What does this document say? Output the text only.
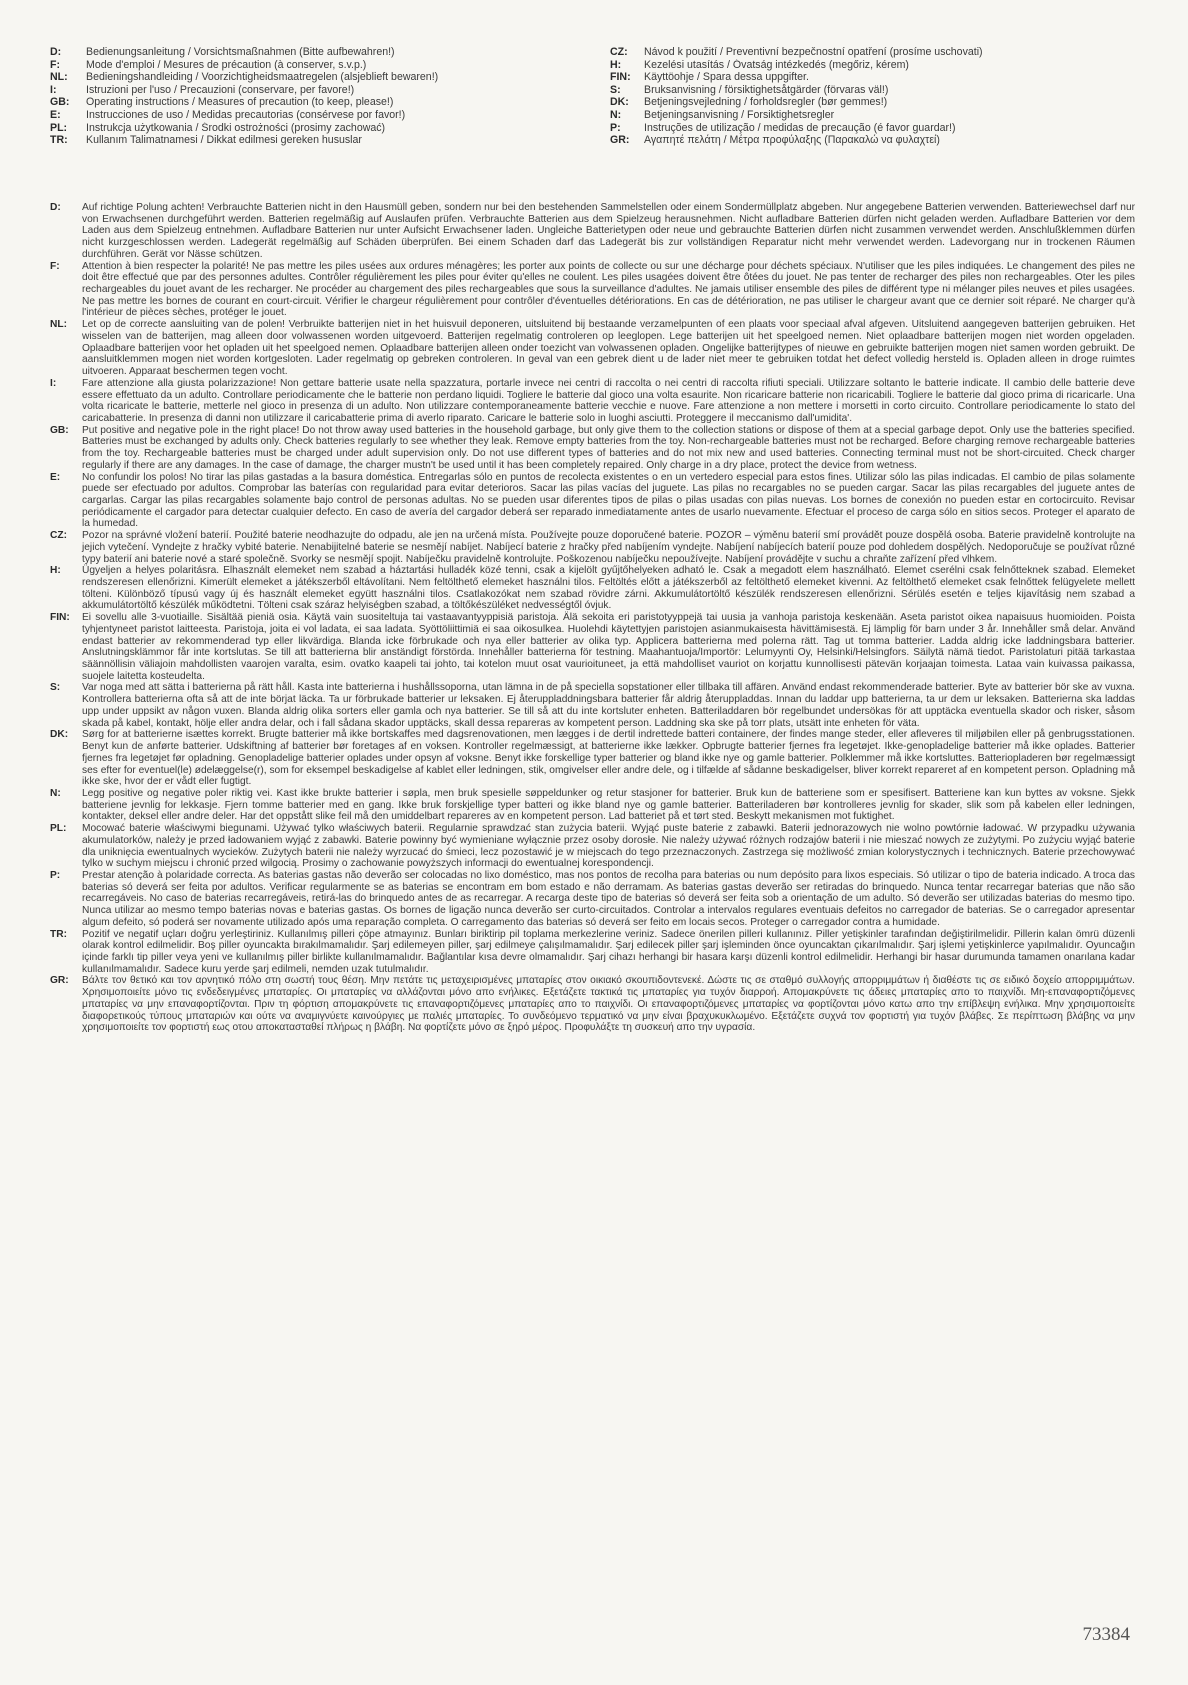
D:	Bedienungsanleitung / Vorsichtsmaßnahmen (Bitte aufbewahren!)
F:	Mode d'emploi / Mesures de précaution (à conserver, s.v.p.)
NL:	Bedieningshandleiding / Voorzichtigheidsmaatregelen (alsjeblieft bewaren!)
I:	Istruzioni per l'uso / Precauzioni (conservare, per favore!)
GB:	Operating instructions / Measures of precaution (to keep, please!)
E:	Instrucciones de uso / Medidas precautorias (consérvese por favor!)
PL:	Instrukcja użytkowania / Środki ostrożności (prosimy zachować)
TR:	Kullanım Talimatnamesi / Dikkat edilmesi gereken hususlar
CZ:	Návod k použití / Preventivní bezpečnostní opatření (prosíme uschovati)
H:	Kezelési utasítás / Óvatság intézkedés (megőriz, kérem)
FIN:	Käyttöohje / Spara dessa uppgifter.
S:	Bruksanvisning / försiktighetsåtgärder (förvaras väl!)
DK:	Betjeningsvejledning / forholdsregler (bør gemmes!)
N:	Betjeningsanvisning / Forsiktighetsregler
P:	Instruções de utilização / medidas de precaução (é favor guardar!)
GR:	Αγαπητέ πελάτη / Μέτρα προφύλαξης (Παρακαλώ να φυλαχτεί)
D:	Auf richtige Polung achten! Verbrauchte Batterien nicht in den Hausmüll geben, sondern nur bei den bestehenden Sammelstellen oder einem Sondermüllplatz abgeben. Nur angegebene Batterien verwenden. Batteriewechsel darf nur von Erwachsenen durchgeführt werden. Batterien regelmäßig auf Auslaufen prüfen. Verbrauchte Batterien aus dem Spielzeug herausnehmen. Nicht aufladbare Batterien dürfen nicht geladen werden. Aufladbare Batterien vor dem Laden aus dem Spielzeug entnehmen. Aufladbare Batterien nur unter Aufsicht Erwachsener laden. Ungleiche Batterietypen oder neue und gebrauchte Batterien dürfen nicht zusammen verwendet werden. Anschlußklemmen dürfen nicht kurzgeschlossen werden. Ladegerät regelmäßig auf Schäden überprüfen. Bei einem Schaden darf das Ladegerät bis zur vollständigen Reparatur nicht mehr verwendet werden. Ladevorgang nur in trockenen Räumen durchführen. Gerät vor Nässe schützen.
F:	Attention à bien respecter la polarité! Ne pas mettre les piles usées aux ordures ménagères; les porter aux points de collecte ou sur une décharge pour déchets spéciaux. N'utiliser que les piles indiquées. Le changement des piles ne doit être effectué que par des personnes adultes. Contrôler régulièrement les piles pour éviter qu'elles ne coulent. Les piles usagées doivent être ôtées du jouet. Ne pas tenter de recharger des piles non rechargeables. Oter les piles rechargeables du jouet avant de les recharger. Ne procéder au chargement des piles rechargeables que sous la surveillance d'adultes. Ne jamais utiliser ensemble des piles de différent type ni mélanger piles neuves et piles usagées. Ne pas mettre les bornes de courant en court-circuit. Vérifier le chargeur régulièrement pour contrôler d'éventuelles détériorations. En cas de détérioration, ne pas utiliser le chargeur avant que ce dernier soit réparé. Ne charger qu'à l'intérieur de pièces sèches, protéger le jouet.
NL:	Let op de correcte aansluiting van de polen! Verbruikte batterijen niet in het huisvuil deponeren, uitsluitend bij bestaande verzamelpunten of een plaats voor speciaal afval afgeven. Uitsluitend aangegeven batterijen gebruiken. Het wisselen van de batterijen, mag alleen door volwassenen worden uitgevoerd. Batterijen regelmatig controleren op leeglopen. Lege batterijen uit het speelgoed nemen. Niet oplaadbare batterijen mogen niet worden opgeladen. Oplaadbare batterijen voor het opladen uit het speelgoed nemen. Oplaadbare batterijen alleen onder toezicht van volwassenen opladen. Ongelijke batterijtypes of nieuwe en gebruikte batterijen mogen niet samen worden gebruikt. De aansluitklemmen mogen niet worden kortgesloten. Lader regelmatig op gebreken controleren. In geval van een gebrek dient u de lader niet meer te gebruiken totdat het defect volledig hersteld is. Opladen alleen in droge ruimtes uitvoeren. Apparaat beschermen tegen vocht.
I:	Fare attenzione alla giusta polarizzazione! Non gettare batterie usate nella spazzatura, portarle invece nei centri di raccolta o nei centri di raccolta rifiuti speciali. Utilizzare soltanto le batterie indicate. Il cambio delle batterie deve essere effettuato da un adulto. Controllare periodicamente che le batterie non perdano liquidi. Togliere le batterie dal gioco una volta esaurite. Non ricaricare batterie non ricaricabili. Togliere le batterie dal gioco prima di ricaricarle. Una volta ricaricate le batterie, metterle nel gioco in presenza di un adulto. Non utilizzare contemporaneamente batterie vecchie e nuove. Fare attenzione a non mettere i morsetti in corto circuito. Controllare periodicamente lo stato del caricabatterie. In presenza di danni non utilizzare il caricabatterie prima di averlo riparato. Caricare le batterie solo in luoghi asciutti. Proteggere il meccanismo dall'umidita'.
GB:	Put positive and negative pole in the right place! Do not throw away used batteries in the household garbage, but only give them to the collection stations or dispose of them at a special garbage depot. Only use the batteries specified. Batteries must be exchanged by adults only. Check batteries regularly to see whether they leak. Remove empty batteries from the toy. Non-rechargeable batteries must not be recharged. Before charging remove rechargeable batteries from the toy. Rechargeable batteries must be charged under adult supervision only. Do not use different types of batteries and do not mix new and used batteries. Connecting terminal must not be short-circuited. Check charger regularly if there are any damages. In the case of damage, the charger mustn't be used until it has been completely repaired. Only charge in a dry place, protect the device from wetness.
E:	No confundir los polos! No tirar las pilas gastadas a la basura doméstica. Entregarlas sólo en puntos de recolecta existentes o en un vertedero especial para estos fines. Utilizar sólo las pilas indicadas. El cambio de pilas solamente puede ser efectuado por adultos. Comprobar las baterías con regularidad para evitar deterioros. Sacar las pilas vacías del juguete. Las pilas no recargables no se pueden cargar. Sacar las pilas recargables del juguete antes de cargarlas. Cargar las pilas recargables solamente bajo control de personas adultas. No se pueden usar diferentes tipos de pilas o pilas usadas con pilas nuevas. Los bornes de conexión no pueden estar en cortocircuito. Revisar periódicamente el cargador para detectar cualquier defecto. En caso de avería del cargador deberá ser reparado inmediatamente antes de usarlo nuevamente. Efectuar el proceso de carga sólo en sitios secos. Proteger el aparato de la humedad.
CZ:	Pozor na správné vložení baterií. Použité baterie neodhazujte do odpadu, ale jen na určená místa. Používejte pouze doporučené baterie. POZOR – výměnu baterií smí provádět pouze dospělá osoba. Baterie pravidelně kontrolujte na jejich vytečení. Vyndejte z hračky vybité baterie. Nenabijitelné baterie se nesmějí nabíjet. Nabíjecí baterie z hračky před nabíjením vyndejte. Nabíjení nabíjecích baterií pouze pod dohledem dospělých. Nedoporučuje se používat různé typy baterií ani baterie nové a staré společně. Svorky se nesmějí spojit. Nabíječku pravidelně kontrolujte. Poškozenou nabíječku nepoužívejte. Nabíjení provádějte v suchu a chraňte zařízení před vlhkem.
H:	Ügyeljen a helyes polaritásra. Elhasznált elemeket nem szabad a háztartási hulladék közé tenni, csak a kijelölt gyűjtőhelyeken adható le. Csak a megadott elem használható. Elemet cserélni csak felnőtteknek szabad. Elemeket rendszeresen ellenőrizni. Kimerült elemeket a játékszerből eltávolítani. Nem feltölthető elemeket használni tilos. Feltöltés előtt a játékszerből az feltölthető elemeket kivenni. Az feltölthető elemeket csak felnőttek felügyelete mellett tölteni. Különböző típusú vagy új és használt elemeket együtt használni tilos. Csatlakozókat nem szabad rövidre zárni. Akkumulátortöltő készülék rendszeresen ellenőrizni. Sérülés esetén e teljes kijavításig nem szabad a akkumulátortöltő készülék működtetni. Tölteni csak száraz helyiségben szabad, a töltőkészüléket nedvességtől óvjuk.
FIN:	Ei sovellu alle 3-vuotiaille. Sisältää pieniä osia. Käytä vain suositeltuja tai vastaavantyyppisiä paristoja. Älä sekoita eri paristotyyppejä tai uusia ja vanhoja paristoja keskenään. Aseta paristot oikea napaisuus huomioiden. Poista tyhjentyneet paristot laitteesta. Paristoja, joita ei vol ladata, ei saa ladata. Syöttöliittimiä ei saa oikosulkea. Huolehdi käytettyjen paristojen asianmukaisesta hävittämisestä. Ej lämplig för barn under 3 år. Innehåller små delar. Använd endast batterier av rekommenderad typ eller likvärdiga. Blanda icke förbrukade och nya eller batterier av olika typ. Applicera batterierna med polerna rätt. Tag ut tomma batterier. Ladda aldrig icke laddningsbara batterier. Anslutningsklämmor får inte kortslutas. Se till att batterierna blir anständigt förstörda. Innehåller batterierna för testning. Maahantuoja/Importör: Lelumyynti Oy, Helsinki/Helsingfors. Säilytä nämä tiedot. Paristolaturi pitää tarkastaa säännöllisin väliajoin mahdollisten vaarojen varalta, esim. ovatko kaapeli tai johto, tai kotelon muut osat vaurioituneet, ja että mahdolliset vauriot on korjattu kunnollisesti pätevän korjaajan toimesta. Lataa vain kuivassa paikassa, suojele laitetta kosteudelta.
S:	Var noga med att sätta i batterierna på rätt håll. Kasta inte batterierna i hushållssoporna, utan lämna in de på speciella sopstationer eller tillbaka till affären. Använd endast rekommenderade batterier. Byte av batterier bör ske av vuxna. Kontrollera batterierna ofta så att de inte börjat läcka. Ta ur förbrukade batterier ur leksaken. Ej återuppladdningsbara batterier får aldrig återuppladdas. Innan du laddar upp batterierna, ta ur dem ur leksaken. Batterierna ska laddas upp under uppsikt av någon vuxen. Blanda aldrig olika sorters eller gamla och nya batterier. Se till så att du inte kortsluter enheten. Batteriladdaren bör regelbundet undersökas för att upptäcka eventuella skador och risker, såsom skada på kabel, kontakt, hölje eller andra delar, och i fall sådana skador upptäcks, skall dessa repareras av kompetent person. Laddning ska ske på torr plats, utsätt inte enheten för väta.
DK:	Sørg for at batterierne isættes korrekt. Brugte batterier må ikke bortskaffes med dagsrenovationen, men lægges i de dertil indrettede batteri containere, der findes mange steder, eller afleveres til miljøbilen eller på genbrugsstationen. Benyt kun de anførte batterier. Udskiftning af batterier bør foretages af en voksen. Kontroller regelmæssigt, at batterierne ikke lækker. Opbrugte batterier fjernes fra legetøjet. Ikke-genopladelige batterier må ikke oplades. Batterier fjernes fra legetøjet før opladning. Genopladelige batterier oplades under opsyn af voksne. Benyt ikke forskellige typer batterier og bland ikke nye og gamle batterier. Polklemmer må ikke kortsluttes. Batteriopladeren bør regelmæssigt ses efter for eventuel(le) ødelæggelse(r), som for eksempel beskadigelse af kablet eller ledningen, stik, omgivelser eller andre dele, og i tilfælde af sådanne beskadigelser, bliver korrekt repareret af en kompetent person. Opladning må ikke ske, hvor der er vådt eller fugtigt.
N:	Legg positive og negative poler riktig vei. Kast ikke brukte batterier i søpla, men bruk spesielle søppeldunker og retur stasjoner for batterier. Bruk kun de batteriene som er spesifisert. Batteriene kan kun byttes av voksne. Sjekk batteriene jevnlig for lekkasje. Fjern tomme batterier med en gang. Ikke bruk forskjellige typer batteri og ikke bland nye og gamle batterier. Batteriladeren bør kontrolleres jevnlig for skader, slik som på kabelen eller ledningen, kontakter, deksel eller andre deler. Har det oppstått slike feil må den umiddelbart repareres av en kompetent person. Lad batteriet på et tørt sted. Beskytt mekanismen mot fuktighet.
PL:	Mocować baterie właściwymi biegunami. Używać tylko właściwych baterii. Regularnie sprawdzać stan zużycia baterii. Wyjąć puste baterie z zabawki. Baterii jednorazowych nie wolno powtórnie ładować. W przypadku używania akumulatorków, należy je przed ładowaniem wyjąć z zabawki. Baterie powinny być wymieniane wyłącznie przez osoby dorosłe. Nie należy używać różnych rodzajów baterii i nie mieszać nowych ze zużytymi. Po zużyciu wyjąć baterie dla uniknięcia ewentualnych wycieków. Zużytych baterii nie należy wyrzucać do śmieci, lecz pozostawić je w miejscach do tego przeznaczonych. Zastrzega się możliwość zmian kolorystycznych i technicznych. Baterie przechowywać tylko w suchym miejscu i chronić przed wilgocią. Prosimy o zachowanie powyższych informacji do ewentualnej korespondencji.
P:	Prestar atenção à polaridade correcta. As baterias gastas não deverão ser colocadas no lixo doméstico, mas nos pontos de recolha para baterias ou num depósito para lixos especiais. Só utilizar o tipo de bateria indicado. A troca das baterias só deverá ser feita por adultos. Verificar regularmente se as baterias se encontram em bom estado e não derramam. As baterias gastas deverão ser retiradas do brinquedo. Nunca tentar recarregar baterias que não são recarregáveis. No caso de baterias recarregáveis, retirá-las do brinquedo antes de as recarregar. A recarga deste tipo de baterias só deverá ser feita sob a orientação de um adulto. Só deverão ser utilizadas baterias do mesmo tipo. Nunca utilizar ao mesmo tempo baterias novas e baterias gastas. Os bornes de ligação nunca deverão ser curto-circuitados. Controlar a intervalos regulares eventuais defeitos no carregador de baterias. Se o carregador apresentar algum defeito, só poderá ser novamente utilizado após uma reparação completa. O carregamento das baterias só deverá ser feito em locais secos. Proteger o carregador contra a humidade.
TR:	Pozitif ve negatif uçları doğru yerleştiriniz. Kullanılmış pilleri çöpe atmayınız. Bunları biriktirip pil toplama merkezlerine veriniz. Sadece önerilen pilleri kullanınız. Piller yetişkinler tarafından değiştirilmelidir. Pillerin kalan ömrü düzenli olarak kontrol edilmelidir. Boş piller oyuncakta bırakılmamalıdır. Şarj edilemeyen piller, şarj edilmeye çalışılmamalıdır. Şarj edilecek piller şarj işleminden önce oyuncaktan çıkarılmalıdır. Şarj işlemi yetişkinlerce yapılmalıdır. Oyuncağın içinde farklı tip piller veya yeni ve kullanılmış piller birlikte kullanılmamalıdır. Bağlantılar kısa devre olmamalıdır. Şarj cihazı herhangi bir hasara karşı düzenli kontrol edilmelidir. Herhangi bir hasar durumunda tamamen onarılana kadar kullanılmamalıdır. Sadece kuru yerde şarj edilmeli, nemden uzak tutulmalıdır.
GR:	Βάλτε τον θετικό και τον αρνητικό πόλο στη σωστή τους θέση. Μην πετάτε τις μεταχειρισμένες μπαταρίες στον οικιακό σκουπιδοντενεκέ. Δώστε τις σε σταθμό συλλογής απορριμμάτων ή διαθέστε τις σε ειδικό δοχείο απορριμμάτων. Χρησιμοποιείτε μόνο τις ενδεδειγμένες μπαταρίες. Οι μπαταρίες να αλλάζονται μόνο απο ενήλικες. Εξετάζετε τακτικά τις μπαταρίες για τυχόν διαρροή. Απομακρύνετε τις άδειες μπαταρίες απο το παιχνίδι. Μη-επαναφορτιζόμενες μπαταρίες να μην επαναφορτίζονται. Πριν τη φόρτιση απομακρύνετε τις επαναφορτιζόμενες μπαταρίες απο το παιχνίδι. Οι επαναφορτιζόμενες μπαταρίες να φορτίζονται μόνο κατω απο την επίβλεψη ενήλικα. Μην χρησιμοποιείτε διαφορετικούς τύπους μπαταριών και ούτε να αναμιγνύετε καινούργιες με παλιές μπαταρίες. Το συνδεόμενο τερματικό να μην είναι βραχυκυκλωμένο. Εξετάζετε συχνά τον φορτιστή για τυχόν βλάβες. Σε περίπτωση βλάβης να μην χρησιμοποιείτε τον φορτιστή εως οτου αποκατασταθεί πλήρως η βλάβη. Να φορτίζετε μόνο σε ξηρό μέρος. Προφυλάξτε τη συσκευή απο την υγρασία.
73384
